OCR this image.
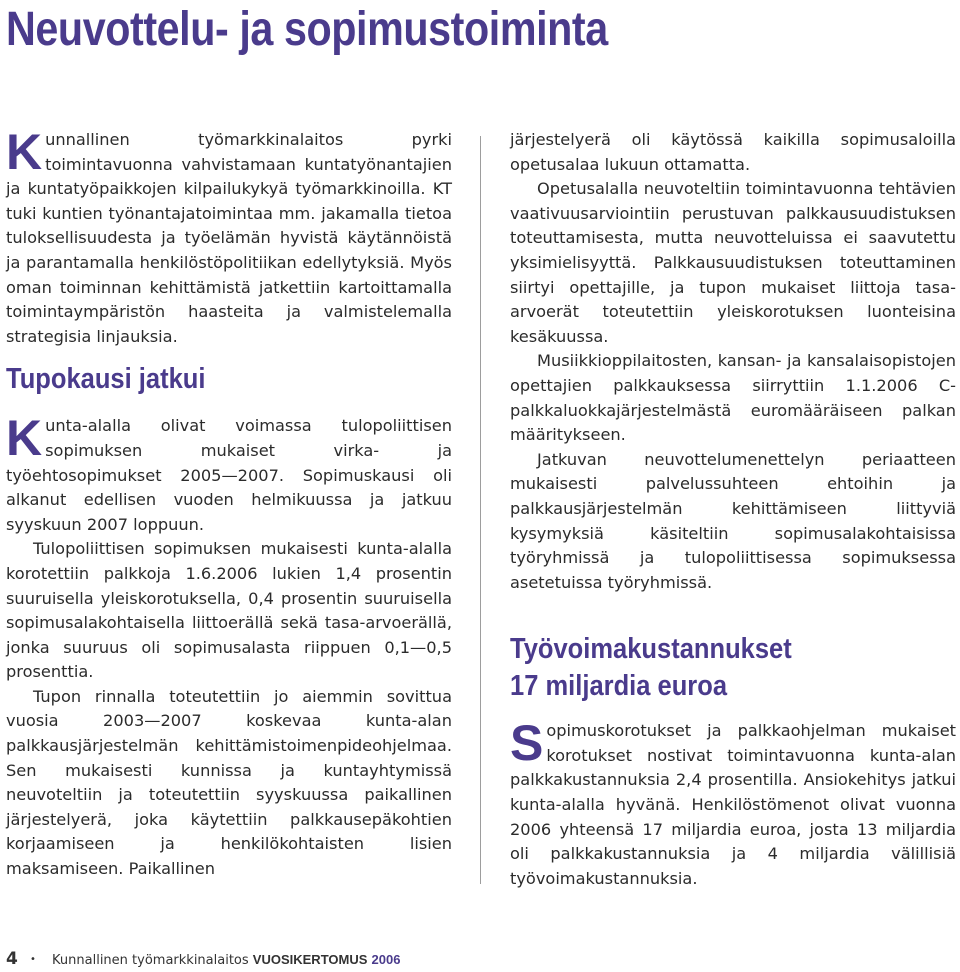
Neuvottelu- ja sopimustoiminta

Kunnallinen työmarkkinalaitos pyrki toimintavuonna vahvistamaan kuntatyönantajien ja kuntatyöpaikkojen kilpailukykyä työmarkkinoilla. KT tuki kuntien työnantajatoimintaa mm. jakamalla tietoa tuloksellisuudesta ja työelämän hyvistä käytännöistä ja parantamalla henkilöstöpolitiikan edellytyksiä. Myös oman toiminnan kehittämistä jatkettiin kartoittamalla toimintaympäristön haasteita ja valmistelemalla strategisia linjauksia.

Tupokausi jatkui

Kunta-alalla olivat voimassa tulopoliittisen sopimuksen mukaiset virka- ja työehtosopimukset 2005—2007. Sopimuskausi oli alkanut edellisen vuoden helmikuussa ja jatkuu syyskuun 2007 loppuun.

Tulopoliittisen sopimuksen mukaisesti kunta-alalla korotettiin palkkoja 1.6.2006 lukien 1,4 prosentin suuruisella yleiskorotuksella, 0,4 prosentin suuruisella sopimusalakohtaisella liittoerällä sekä tasa-arvoerällä, jonka suuruus oli sopimusalasta riippuen 0,1—0,5 prosenttia.

Tupon rinnalla toteutettiin jo aiemmin sovittua vuosia 2003—2007 koskevaa kunta-alan palkkausjärjestelmän kehittämistoimenpideohjelmaa. Sen mukaisesti kunnissa ja kuntayhtymissä neuvoteltiin ja toteutettiin syyskuussa paikallinen järjestelyerä, joka käytettiin palkkausepäkohtien korjaamiseen ja henkilökohtaisten lisien maksamiseen. Paikallinen

järjestelyerä oli käytössä kaikilla sopimusaloilla opetusalaa lukuun ottamatta.

Opetusalalla neuvoteltiin toimintavuonna tehtävien vaativuusarviointiin perustuvan palkkausuudistuksen toteuttamisesta, mutta neuvotteluissa ei saavutettu yksimielisyyttä. Palkkausuudistuksen toteuttaminen siirtyi opettajille, ja tupon mukaiset liittoja tasa-arvoerät toteutettiin yleiskorotuksen luonteisina kesäkuussa.

Musiikkioppilaitosten, kansan- ja kansalaisopistojen opettajien palkkauksessa siirryttiin 1.1.2006 C-palkkaluokkajärjestelmästä euromääräiseen palkan määritykseen.

Jatkuvan neuvottelumenettelyn periaatteen mukaisesti palvelussuhteen ehtoihin ja palkkausjärjestelmän kehittämiseen liittyviä kysymyksiä käsiteltiin sopimusalakohtaisissa työryhmissä ja tulopoliittisessa sopimuksessa asetetuissa työryhmissä.

Työvoimakustannukset
17 miljardia euroa

Sopimuskorotukset ja palkkaohjelman mukaiset korotukset nostivat toimintavuonna kunta-alan palkkakustannuksia 2,4 prosentilla. Ansiokehitys jatkui kunta-alalla hyvänä. Henkilöstömenot olivat vuonna 2006 yhteensä 17 miljardia euroa, josta 13 miljardia oli palkkakustannuksia ja 4 miljardia välillisiä työvoimakustannuksia.

4 • Kunnallinen työmarkkinalaitos VUOSIKERTOMUS 2006
